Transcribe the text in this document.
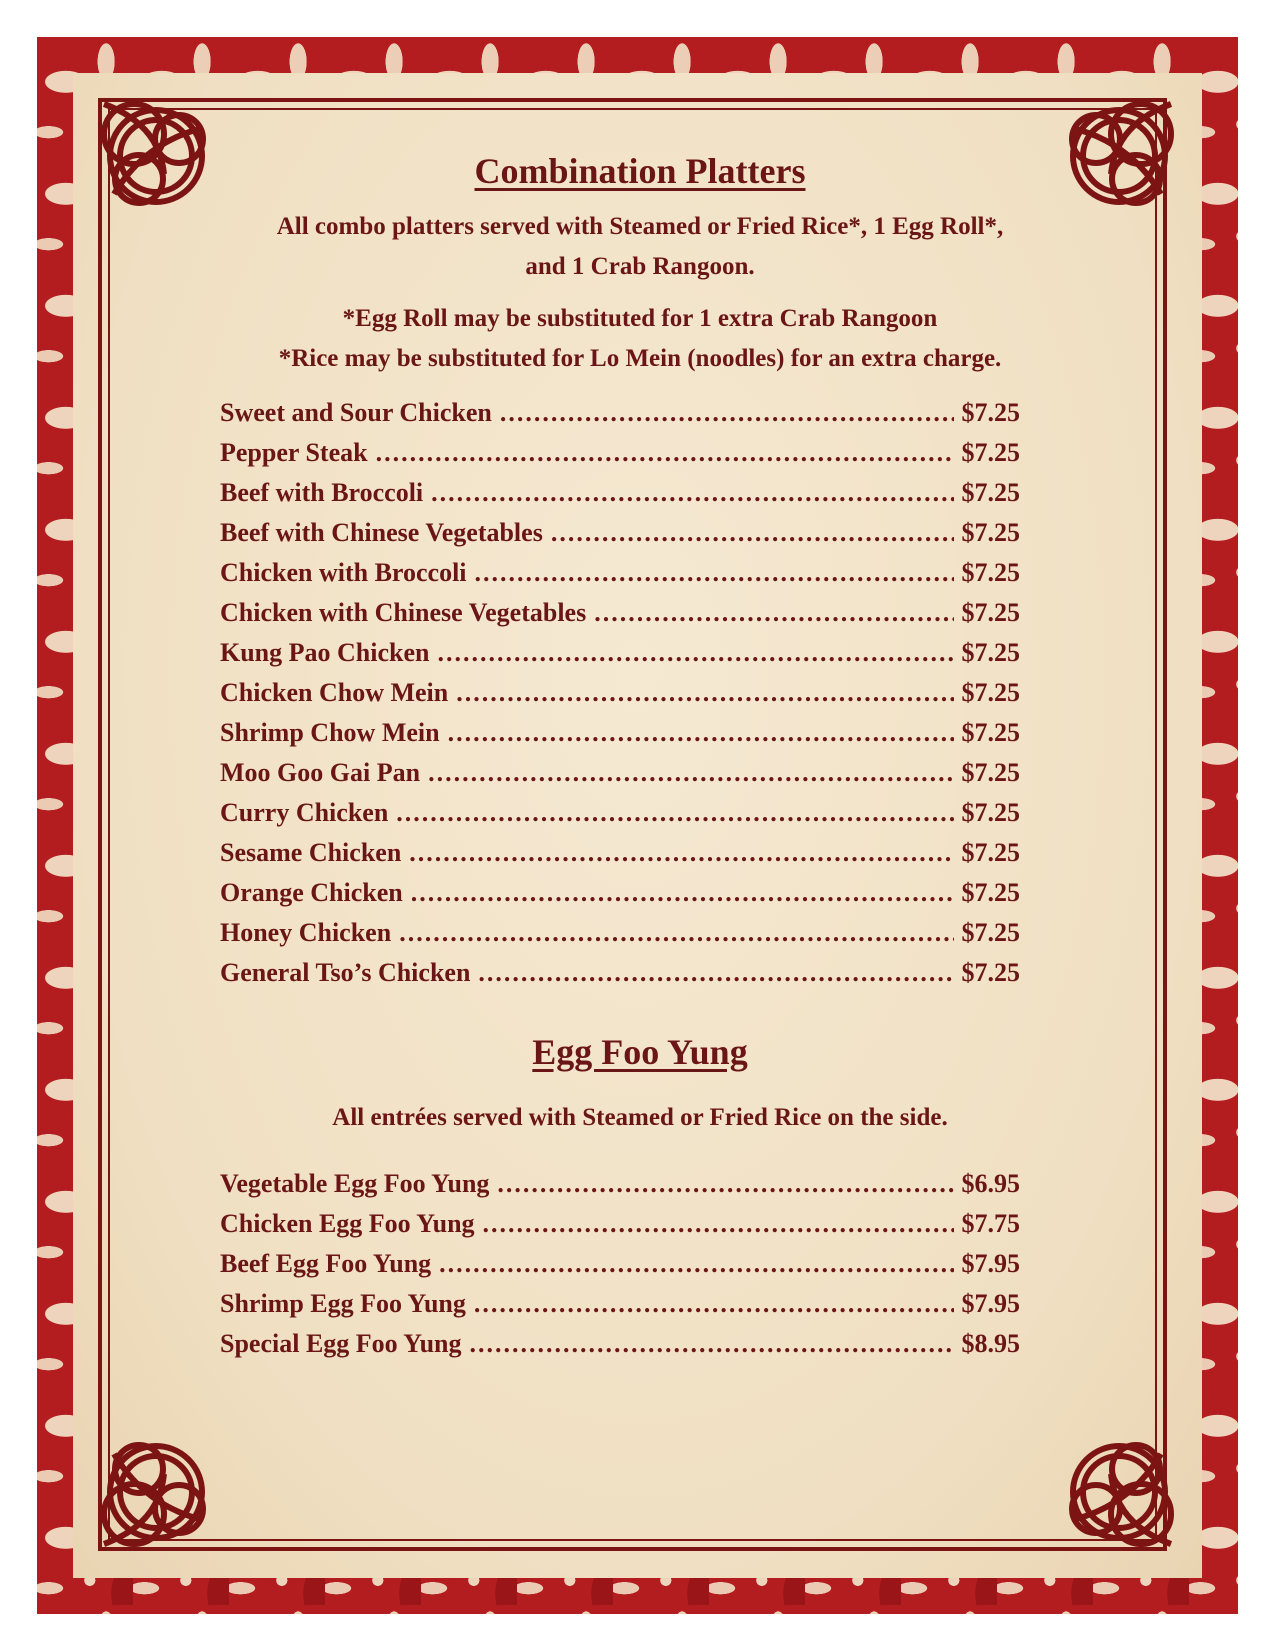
Combination Platters

All combo platters served with Steamed or Fried Rice*, 1 Egg Roll*,

and 1 Crab Rangoon.

*Egg Roll may be substituted for 1 extra Crab Rangoon

*Rice may be substituted for Lo Mein (noodles) for an extra charge.

Sweet and Sour Chicken .....	$7.25
Pepper Steak .....	$7.25
Beef with Broccoli .....	$7.25
Beef with Chinese Vegetables .....	$7.25
Chicken with Broccoli .....	$7.25
Chicken with Chinese Vegetables .....	$7.25
Kung Pao Chicken .....	$7.25
Chicken Chow Mein .....	$7.25
Shrimp Chow Mein .....	$7.25
Moo Goo Gai Pan .....	$7.25
Curry Chicken .....	$7.25
Sesame Chicken .....	$7.25
Orange Chicken .....	$7.25
Honey Chicken .....	$7.25
General Tso’s Chicken .....	$7.25
Egg Foo Yung

All entrées served with Steamed or Fried Rice on the side.

Vegetable Egg Foo Yung .....	$6.95
Chicken Egg Foo Yung .....	$7.75
Beef Egg Foo Yung .....	$7.95
Shrimp Egg Foo Yung .....	$7.95
Special Egg Foo Yung .....	$8.95
